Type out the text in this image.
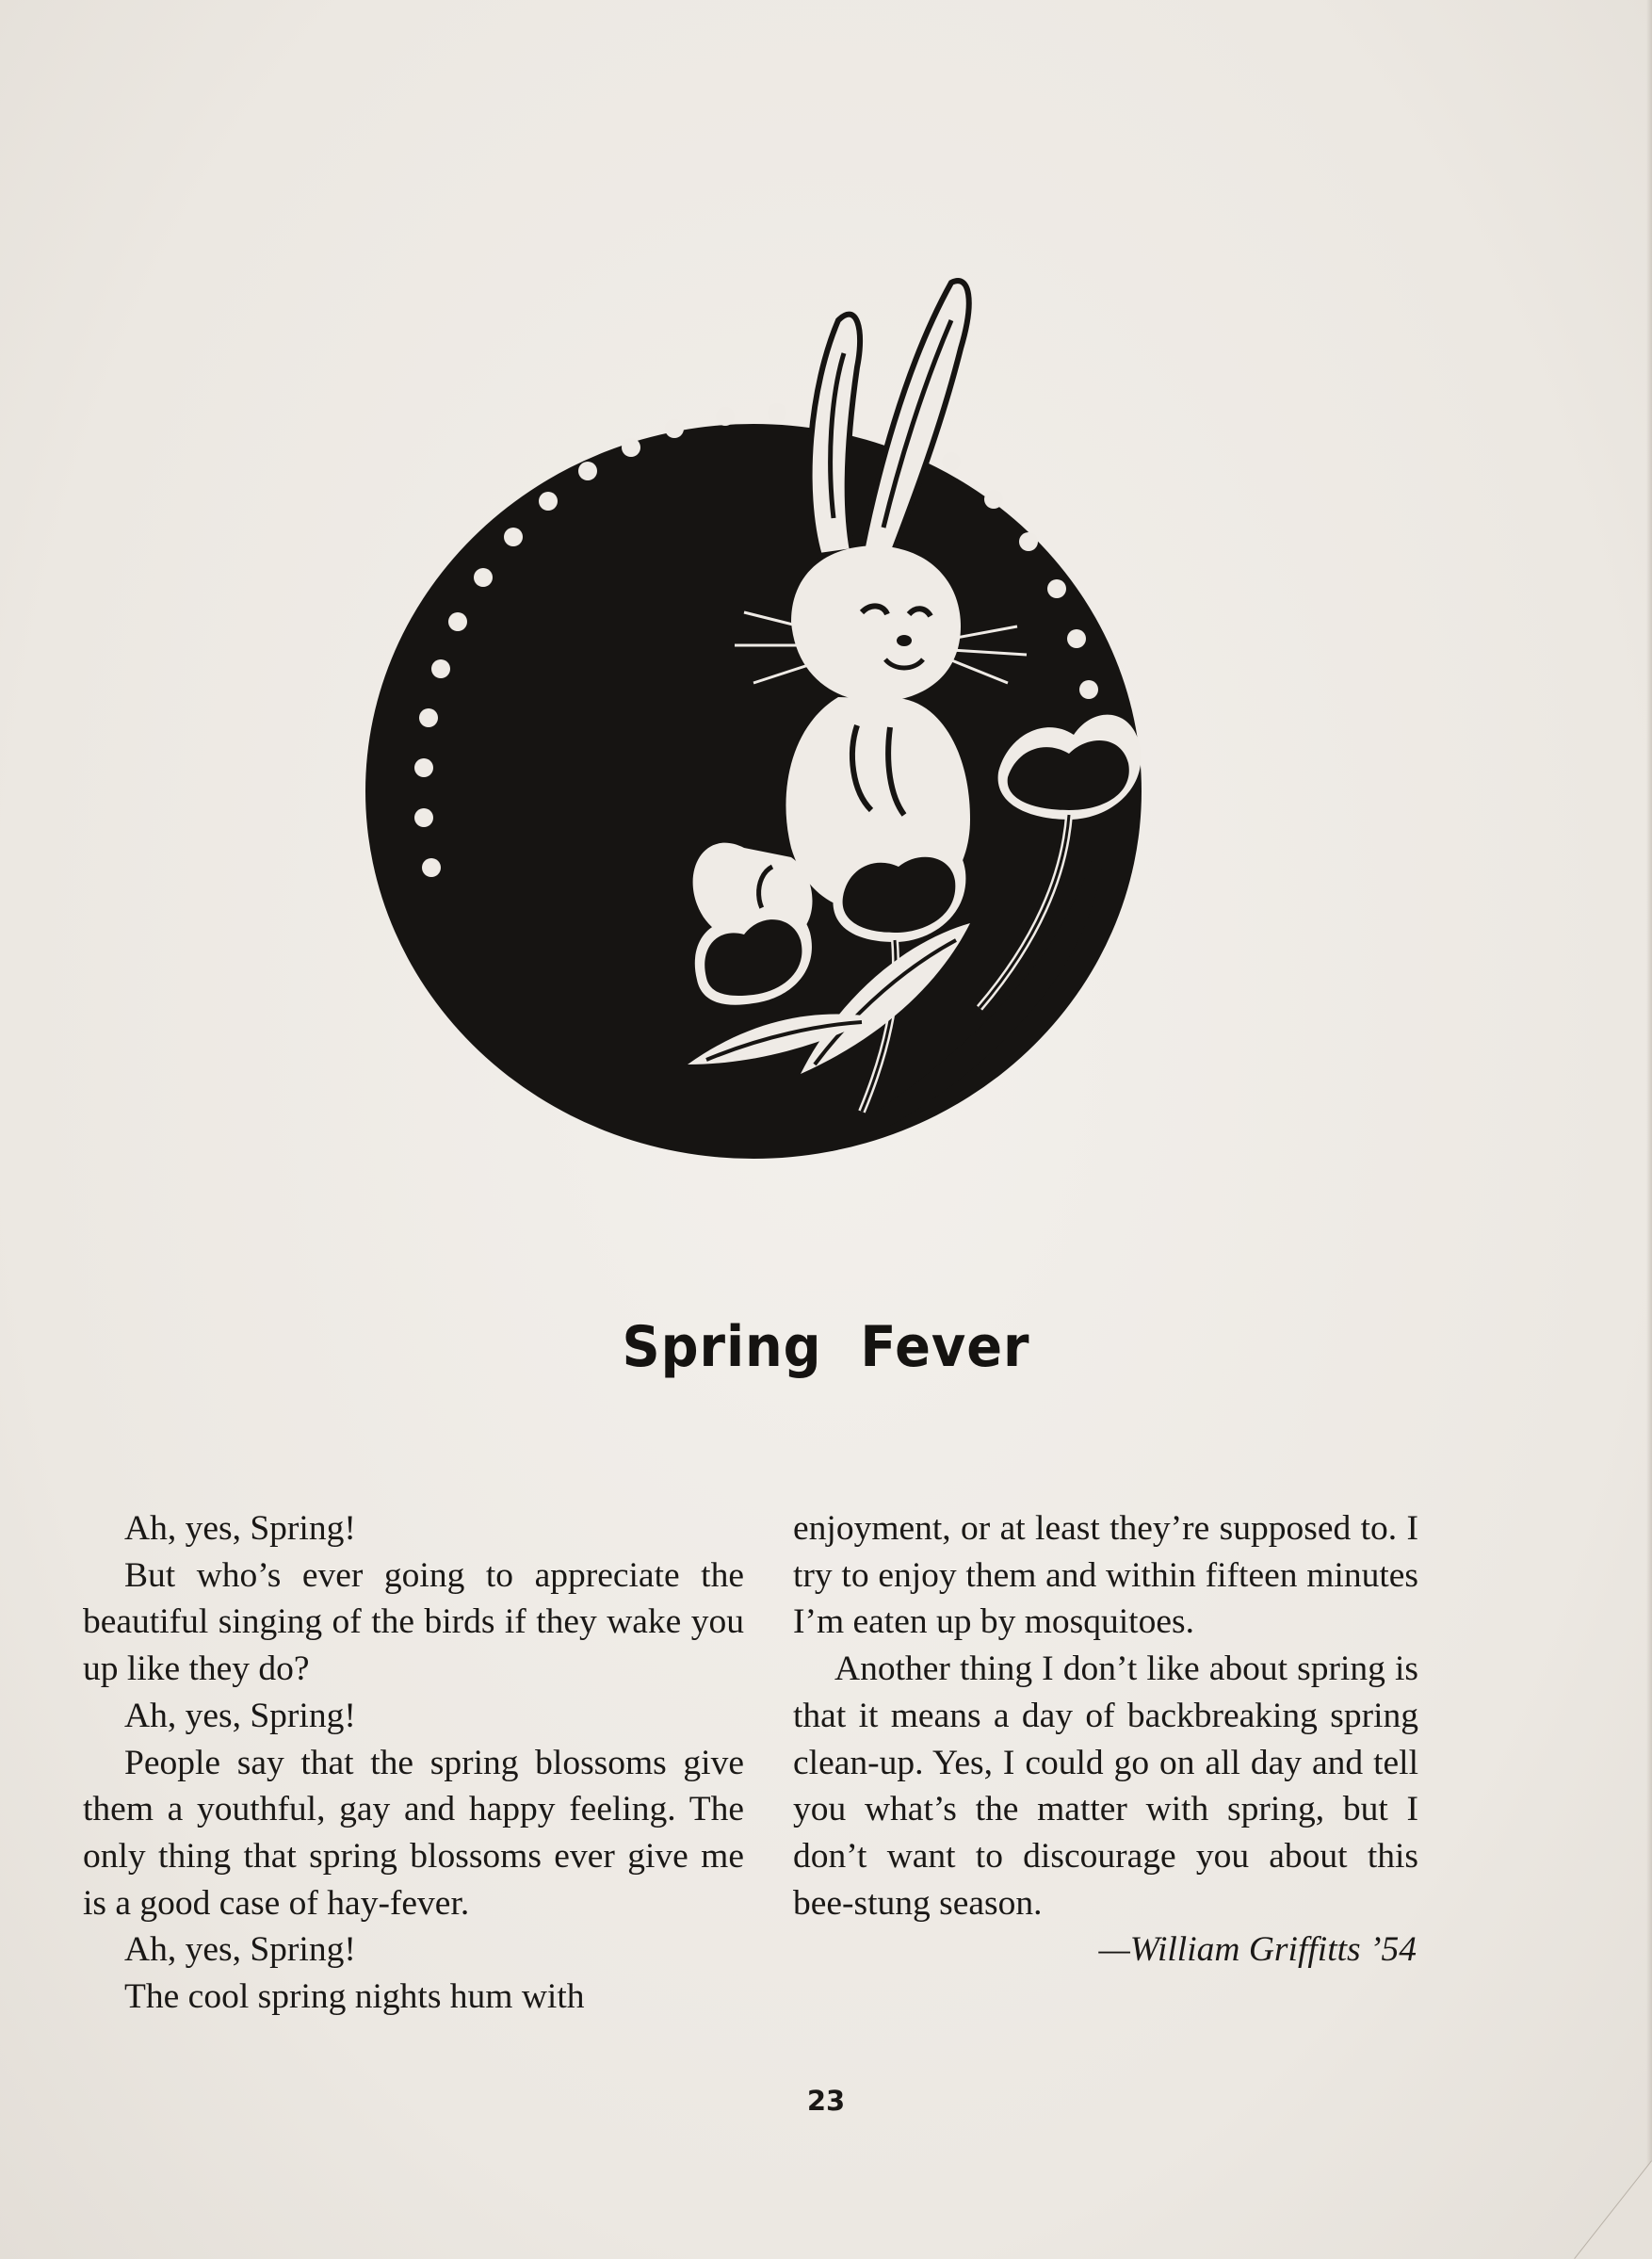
Spring Fever

Ah, yes, Spring!

But who’s ever going to appreciate the beautiful singing of the birds if they wake you up like they do?

Ah, yes, Spring!

People say that the spring blossoms give them a youthful, gay and happy feeling. The only thing that spring blossoms ever give me is a good case of hay-fever.

Ah, yes, Spring!

The cool spring nights hum with

enjoyment, or at least they’re supposed to. I try to enjoy them and within fifteen minutes I’m eaten up by mosquitoes.

Another thing I don’t like about spring is that it means a day of backbreaking spring clean-up. Yes, I could go on all day and tell you what’s the matter with spring, but I don’t want to discourage you about this bee-stung season.

—William Griffitts ’54

23
